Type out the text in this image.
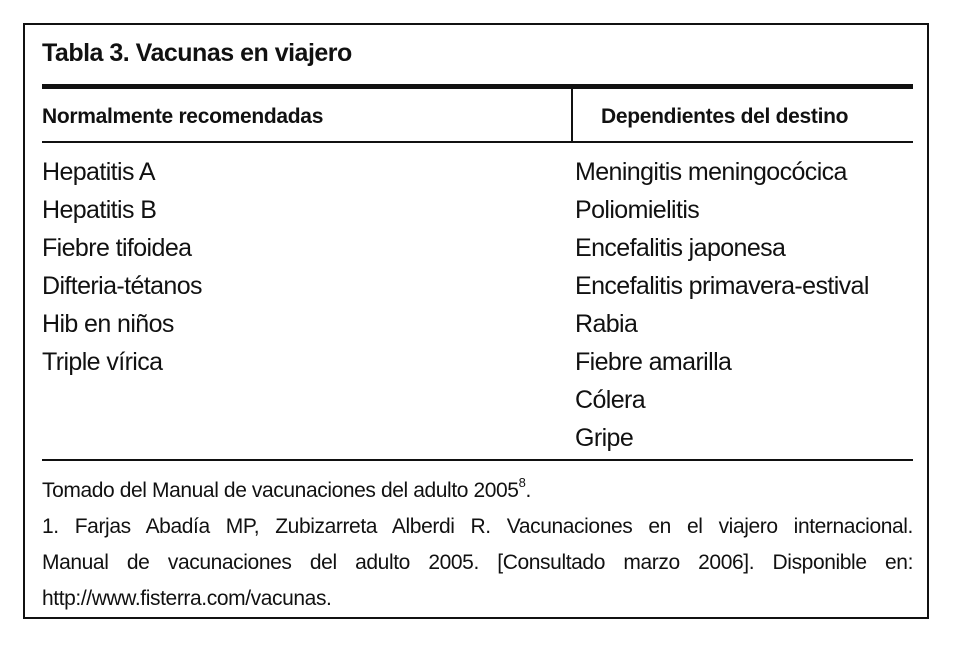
Tabla 3. Vacunas en viajero
Normalmente recomendadas	Dependientes del destino
Hepatitis A
Hepatitis B
Fiebre tifoidea
Difteria-tétanos
Hib en niños
Triple vírica
Meningitis meningocócica
Poliomielitis
Encefalitis japonesa
Encefalitis primavera-estival
Rabia
Fiebre amarilla
Cólera
Gripe

Tomado del Manual de vacunaciones del adulto 2005$^8$.

1. Farjas Abadía MP, Zubizarreta Alberdi R. Vacunaciones en el viajero internacional.

Manual de vacunaciones del adulto 2005. [Consultado marzo 2006]. Disponible en:

http://www.fisterra.com/vacunas.
